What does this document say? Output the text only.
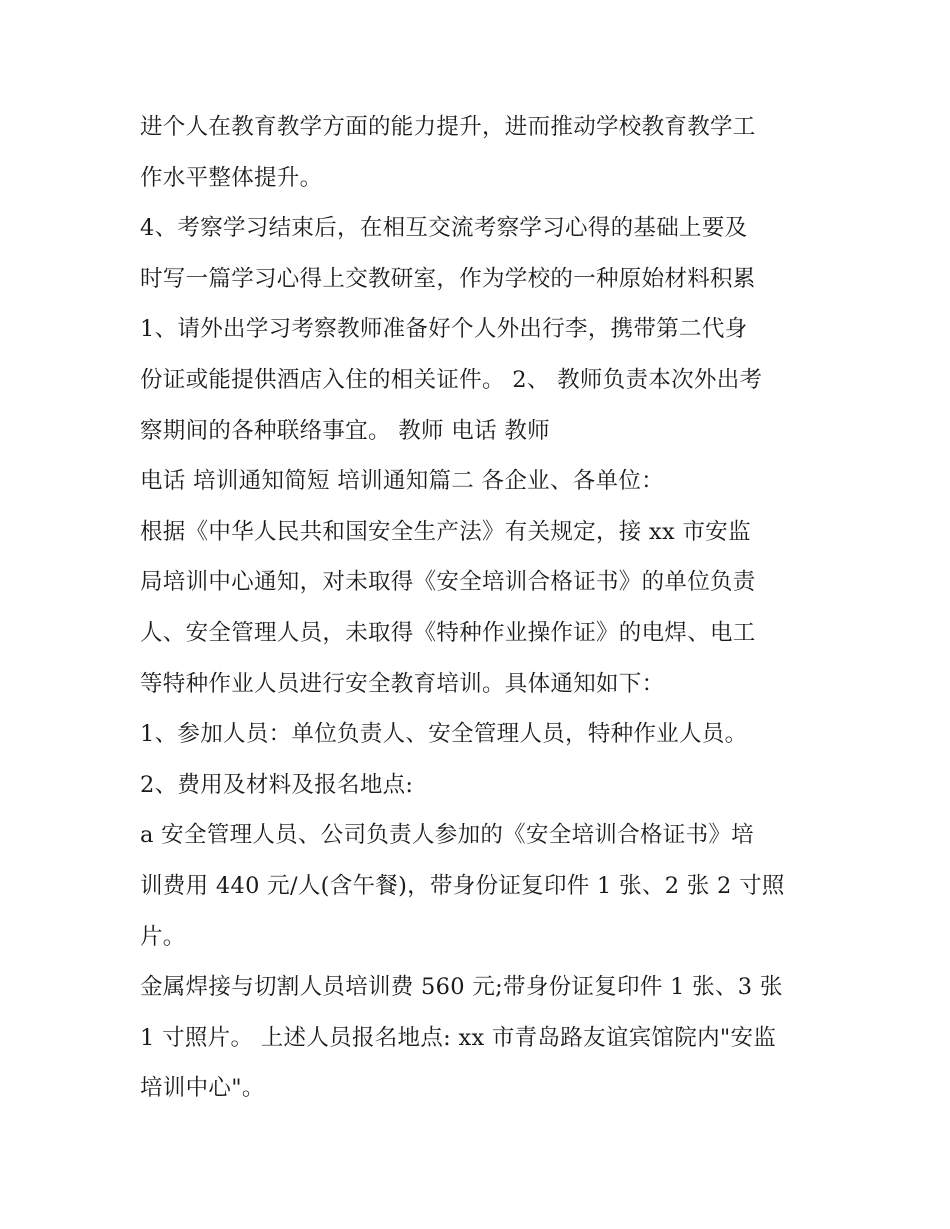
进个人在教育教学方面的能力提升，进而推动学校教育教学工
作水平整体提升。
4、考察学习结束后，在相互交流考察学习心得的基础上要及
时写一篇学习心得上交教研室，作为学校的一种原始材料积累
1、请外出学习考察教师准备好个人外出行李，携带第二代身
份证或能提供酒店入住的相关证件。 2、 教师负责本次外出考
察期间的各种联络事宜。 教师 电话 教师
电话 培训通知简短 培训通知篇二 各企业、各单位：
根据《中华人民共和国安全生产法》有关规定，接 xx 市安监
局培训中心通知，对未取得《安全培训合格证书》的单位负责
人、安全管理人员，未取得《特种作业操作证》的电焊、电工
等特种作业人员进行安全教育培训。具体通知如下：
1、参加人员：单位负责人、安全管理人员，特种作业人员。
2、费用及材料及报名地点:
a 安全管理人员、公司负责人参加的《安全培训合格证书》培
训费用 440 元/人(含午餐)，带身份证复印件 1 张、2 张 2 寸照
片。
金属焊接与切割人员培训费 560 元;带身份证复印件 1 张、3 张
1 寸照片。 上述人员报名地点: xx 市青岛路友谊宾馆院内"安监
培训中心"。
